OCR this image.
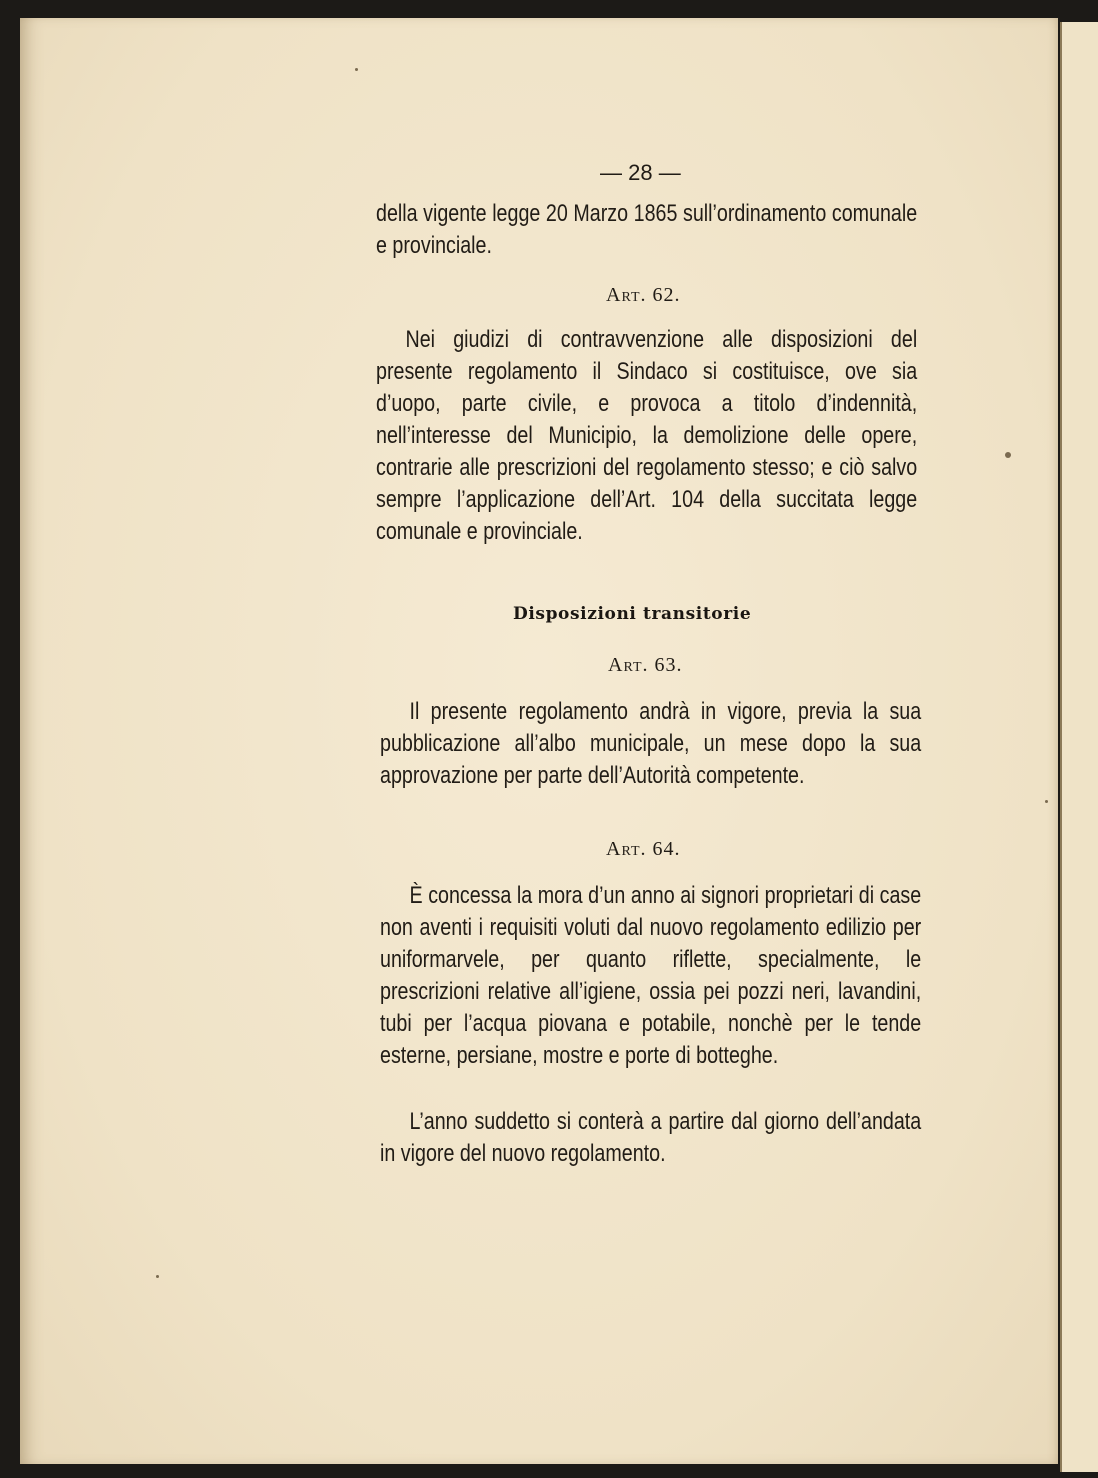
— 28 —
della vigente legge 20 Marzo 1865 sull’ordinamento comunale e provinciale.
Art. 62.
Nei giudizi di contravvenzione alle disposizioni del presente regolamento il Sindaco si costituisce, ove sia d’uopo, parte civile, e provoca a titolo d’indennità, nell’interesse del Municipio, la demolizione delle opere, contrarie alle prescrizioni del regolamento stesso; e ciò salvo sempre l’applicazione dell’Art. 104 della succitata legge comunale e provinciale.
Disposizioni transitorie
Art. 63.
Il presente regolamento andrà in vigore, previa la sua pubblicazione all’albo municipale, un mese dopo la sua approvazione per parte dell’Autorità competente.
Art. 64.
È concessa la mora d’un anno ai signori proprietari di case non aventi i requisiti voluti dal nuovo regolamento edilizio per uniformarvele, per quanto riflette, specialmente, le prescrizioni relative all’igiene, ossia pei pozzi neri, lavandini, tubi per l’acqua piovana e potabile, nonchè per le tende esterne, persiane, mostre e porte di botteghe.
L’anno suddetto si conterà a partire dal giorno dell’andata in vigore del nuovo regolamento.
